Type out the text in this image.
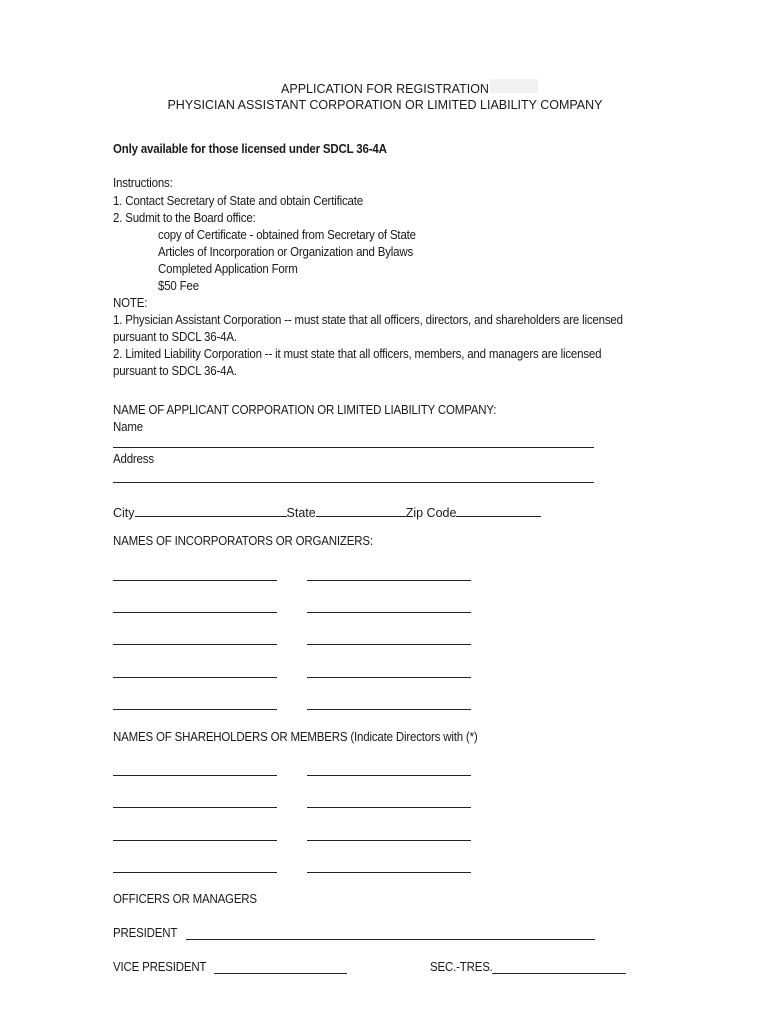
APPLICATION FOR REGISTRATION
PHYSICIAN ASSISTANT CORPORATION OR LIMITED LIABILITY COMPANY
Only available for those licensed under SDCL 36-4A
Instructions:
1. Contact Secretary of State and obtain Certificate
2. Sudmit to the Board office:
copy of Certificate - obtained from Secretary of State
Articles of Incorporation or Organization and Bylaws
Completed Application Form
$50 Fee
NOTE:
1. Physician Assistant Corporation -- must state that all officers, directors, and shareholders are licensed
pursuant to SDCL 36-4A.
2. Limited Liability Corporation -- it must state that all officers, members, and managers are licensed
pursuant to SDCL 36-4A.
NAME OF APPLICANT CORPORATION OR LIMITED LIABILITY COMPANY:
Name
Address
City	State	Zip Code
NAMES OF INCORPORATORS OR ORGANIZERS:
NAMES OF SHAREHOLDERS OR MEMBERS (Indicate Directors with (*)
OFFICERS OR MANAGERS
PRESIDENT
VICE PRESIDENT	SEC.-TRES.
